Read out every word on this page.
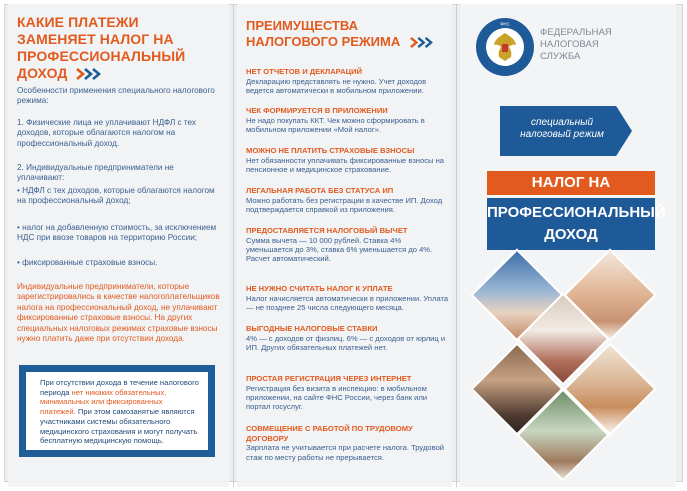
КАКИЕ ПЛАТЕЖИ ЗАМЕНЯЕТ НАЛОГ НА ПРОФЕССИОНАЛЬНЫЙ ДОХОД
Особенности применения специального налогового режима:
1. Физические лица не уплачивают НДФЛ с тех доходов, которые облагаются налогом на профессиональный доход.
2. Индивидуальные предприниматели не уплачивают:
• НДФЛ с тех доходов, которые облагаются налогом на профессиональный доход;
• налог на добавленную стоимость, за исключением НДС при ввозе товаров на территорию России;
• фиксированные страховые взносы.
Индивидуальные предприниматели, которые зарегистрировались в качестве налогоплательщиков налога на профессиональный доход, не уплачивают фиксированные страховые взносы. На других специальных налоговых режимах страховые взносы нужно платить даже при отсутствии дохода.
При отсутствии дохода в течение налогового периода нет никаких обязательных, минимальных или фиксированных платежей. При этом самозанятые являются участниками системы обязательного медицинского страхования и могут получать бесплатную медицинскую помощь.
ПРЕИМУЩЕСТВА НАЛОГОВОГО РЕЖИМА
НЕТ ОТЧЕТОВ И ДЕКЛАРАЦИЙ
Декларацию представлять не нужно. Учет доходов ведется автоматически в мобильном приложении.
ЧЕК ФОРМИРУЕТСЯ В ПРИЛОЖЕНИИ
Не надо покупать ККТ. Чек можно сформировать в мобильном приложении «Мой налог».
МОЖНО НЕ ПЛАТИТЬ СТРАХОВЫЕ ВЗНОСЫ
Нет обязанности уплачивать фиксированные взносы на пенсионное и медицинское страхование.
ЛЕГАЛЬНАЯ РАБОТА БЕЗ СТАТУСА ИП
Можно работать без регистрации в качестве ИП. Доход подтверждается справкой из приложения.
ПРЕДОСТАВЛЯЕТСЯ НАЛОГОВЫЙ ВЫЧЕТ
Сумма вычета — 10 000 рублей. Ставка 4% уменьшается до 3%, ставка 6% уменьшается до 4%. Расчет автоматический.
НЕ НУЖНО СЧИТАТЬ НАЛОГ К УПЛАТЕ
Налог начисляется автоматически в приложении. Уплата — не позднее 25 числа следующего месяца.
ВЫГОДНЫЕ НАЛОГОВЫЕ СТАВКИ
4% — с доходов от физлиц. 6% — с доходов от юрлиц и ИП. Других обязательных платежей нет.
ПРОСТАЯ РЕГИСТРАЦИЯ ЧЕРЕЗ ИНТЕРНЕТ
Регистрация без визита в инспекцию: в мобильном приложении, на сайте ФНС России, через банк или портал госуслуг.
СОВМЕЩЕНИЕ С РАБОТОЙ ПО ТРУДОВОМУ ДОГОВОРУ
Зарплата не учитывается при расчете налога. Трудовой стаж по месту работы не прерывается.
ФНС
ФЕДЕРАЛЬНАЯ
НАЛОГОВАЯ
СЛУЖБА
специальный
налоговый режим
НАЛОГ НА
ПРОФЕССИОНАЛЬНЫЙ
ДОХОД
